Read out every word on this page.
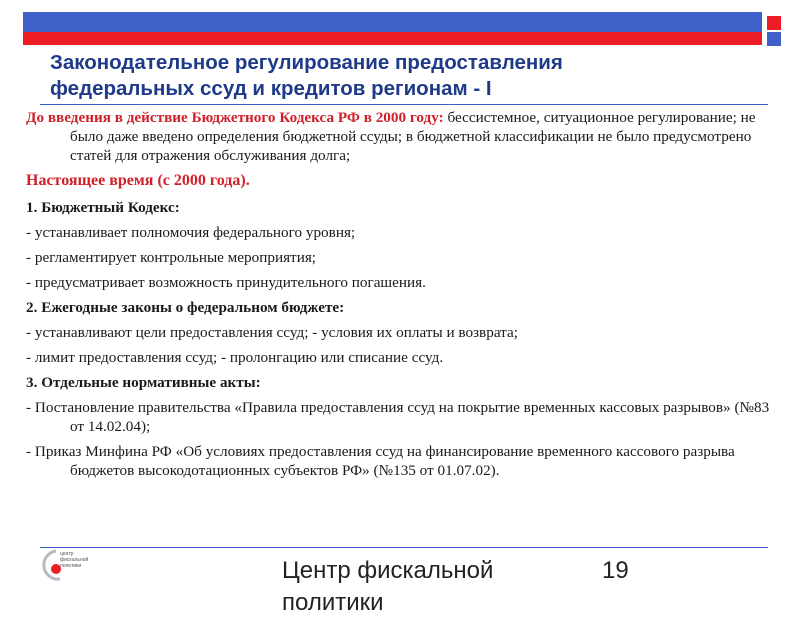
Законодательное регулирование предоставления
федеральных ссуд и кредитов регионам - I

До введения в действие Бюджетного Кодекса РФ в 2000 году: бессистемное, ситуационное регулирование; не было даже введено определения бюджетной ссуды; в бюджетной классификации не было предусмотрено статей для отражения обслуживания долга;

Настоящее время (с 2000 года).
1. Бюджетный Кодекс:

- устанавливает полномочия федерального уровня;

- регламентирует контрольные мероприятия;

- предусматривает возможность принудительного погашения.

2. Ежегодные законы о федеральном бюджете:

- устанавливают цели предоставления ссуд; - условия их оплаты и возврата;

- лимит предоставления ссуд; - пролонгацию или списание ссуд.

3. Отдельные нормативные акты:

- Постановление правительства «Правила предоставления ссуд на покрытие временных кассовых разрывов» (№83 от 14.02.04);

- Приказ Минфина РФ «Об условиях предоставления ссуд на финансирование временного кассового разрыва бюджетов высокодотационных субъектов РФ» (№135 от 01.07.02).

центр
фискальной
политики	Центр фискальной политики
19
